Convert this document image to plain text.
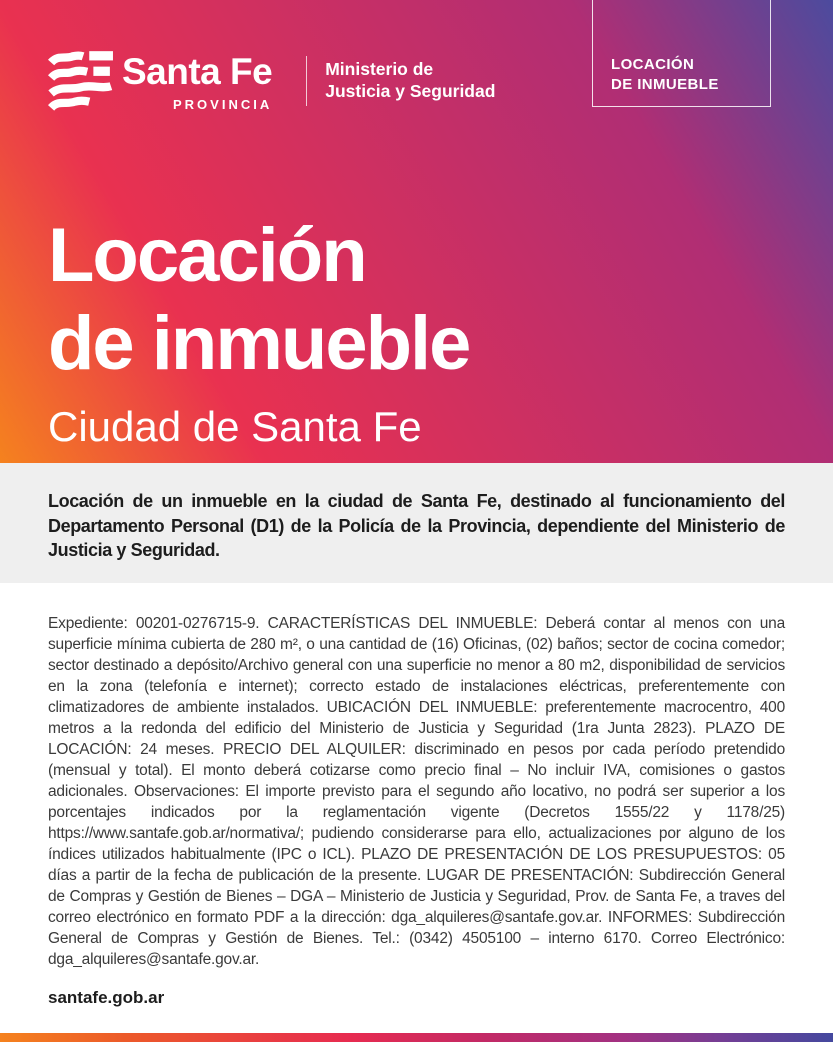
Santa Fe
PROVINCIA
Ministerio de
Justicia y Seguridad
LOCACIÓN
DE INMUEBLE
Locación
de inmueble
Ciudad de Santa Fe

Locación de un inmueble en la ciudad de Santa Fe, destinado al funcionamiento del Departamento Personal (D1) de la Policía de la Provincia, dependiente del Ministerio de Justicia y Seguridad.

Expediente: 00201-0276715-9. CARACTERÍSTICAS DEL INMUEBLE: Deberá contar al menos con una superficie mínima cubierta de 280 m², o una cantidad de (16) Oficinas, (02) baños; sector de cocina comedor; sector destinado a depósito/Archivo general con una superficie no menor a 80 m2, disponibilidad de servicios en la zona (telefonía e internet); correcto estado de instalaciones eléctricas, preferentemente con climatizadores de ambiente instalados. UBICACIÓN DEL INMUEBLE: preferentemente macrocentro, 400 metros a la redonda del edificio del Ministerio de Justicia y Seguridad (1ra Junta 2823). PLAZO DE LOCACIÓN: 24 meses. PRECIO DEL ALQUILER: discriminado en pesos por cada período pretendido (mensual y total). El monto deberá cotizarse como precio final – No incluir IVA, comisiones o gastos adicionales. Observaciones: El importe previsto para el segundo año locativo, no podrá ser superior a los porcentajes indicados por la reglamentación vigente (Decretos 1555/22 y 1178/25) https://www.santafe.gob.ar/normativa/; pudiendo considerarse para ello, actualizaciones por alguno de los índices utilizados habitualmente (IPC o ICL). PLAZO DE PRESENTACIÓN DE LOS PRESUPUESTOS: 05 días a partir de la fecha de publicación de la presente. LUGAR DE PRESENTACIÓN: Subdirección General de Compras y Gestión de Bienes – DGA – Ministerio de Justicia y Seguridad, Prov. de Santa Fe, a traves del correo electrónico en formato PDF a la dirección: dga_alquileres@santafe.gov.ar. INFORMES: Subdirección General de Compras y Gestión de Bienes. Tel.: (0342) 4505100 – interno 6170. Correo Electrónico: dga_alquileres@santafe.gov.ar.

santafe.gob.ar
